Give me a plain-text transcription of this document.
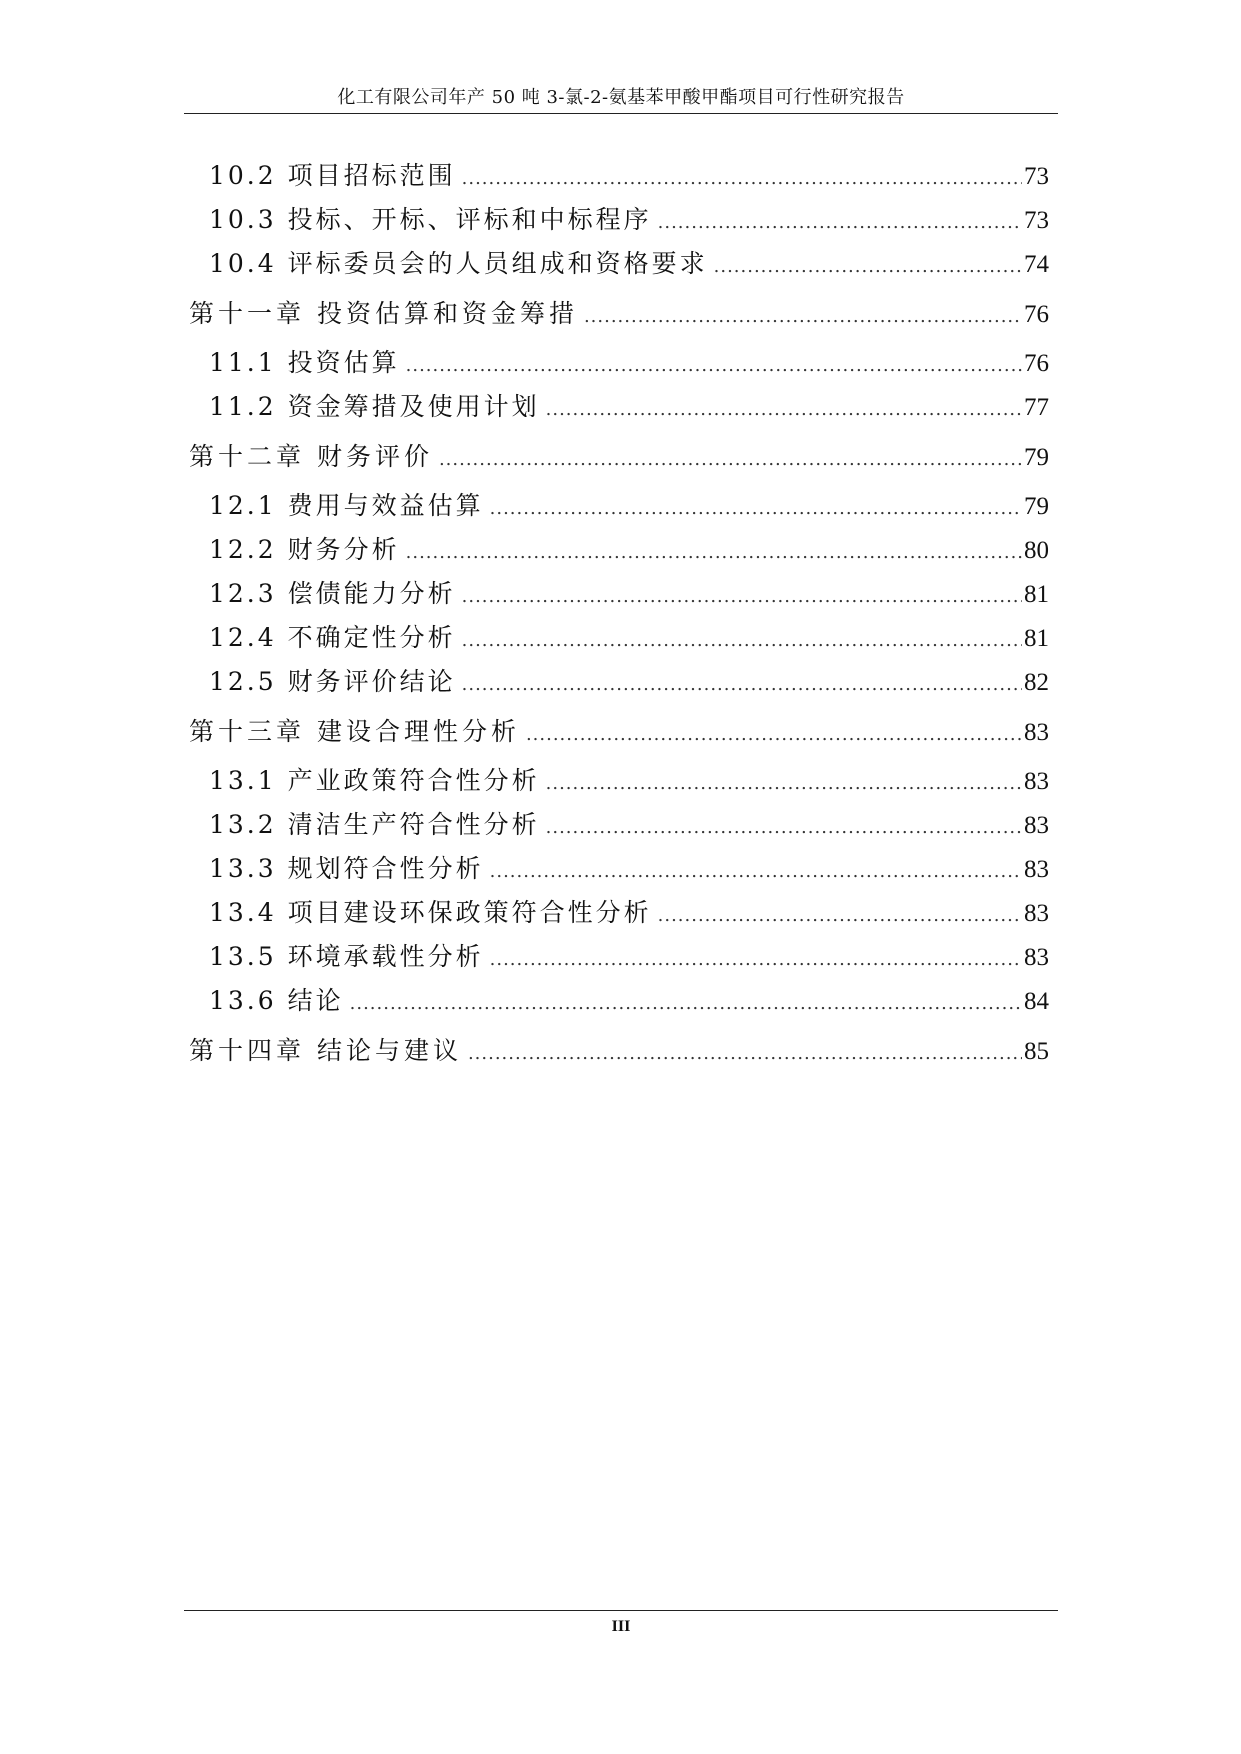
化工有限公司年产 50 吨 3-氯-2-氨基苯甲酸甲酯项目可行性研究报告
10.2 项目招标范围 .....	73
10.3 投标、开标、评标和中标程序 .....	73
10.4 评标委员会的人员组成和资格要求 .....	74
第十一章 投资估算和资金筹措 .....	76
11.1 投资估算 .....	76
11.2 资金筹措及使用计划 .....	77
第十二章 财务评价 .....	79
12.1 费用与效益估算 .....	79
12.2 财务分析 .....	80
12.3 偿债能力分析 .....	81
12.4 不确定性分析 .....	81
12.5 财务评价结论 .....	82
第十三章 建设合理性分析 .....	83
13.1 产业政策符合性分析 .....	83
13.2 清洁生产符合性分析 .....	83
13.3 规划符合性分析 .....	83
13.4 项目建设环保政策符合性分析 .....	83
13.5 环境承载性分析 .....	83
13.6 结论 .....	84
第十四章 结论与建议 .....	85
III
